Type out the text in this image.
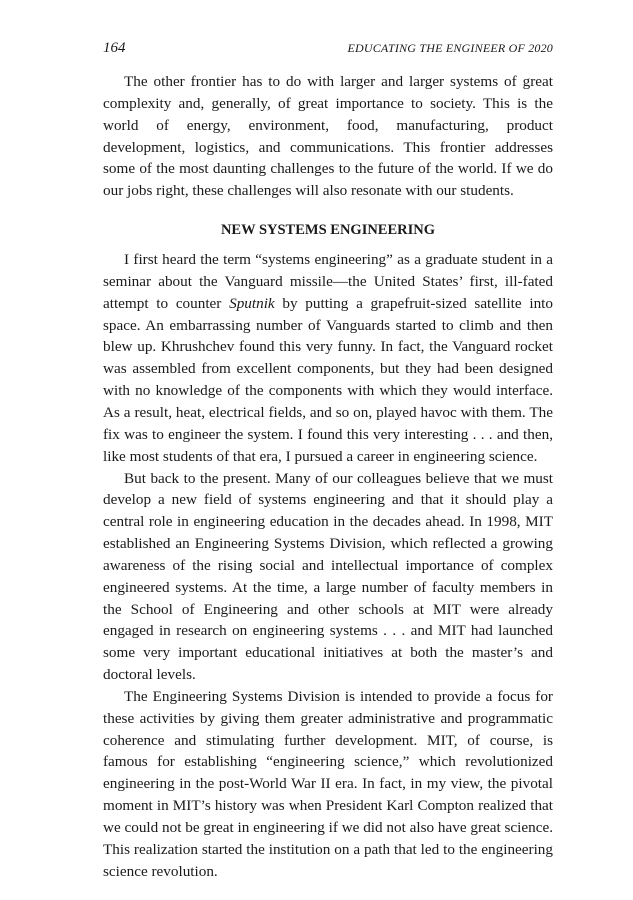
164	EDUCATING THE ENGINEER OF 2020

The other frontier has to do with larger and larger systems of great complexity and, generally, of great importance to society. This is the world of energy, environment, food, manufacturing, product development, logistics, and communications. This frontier addresses some of the most daunting challenges to the future of the world. If we do our jobs right, these challenges will also resonate with our students.

NEW SYSTEMS ENGINEERING

I first heard the term “systems engineering” as a graduate student in a seminar about the Vanguard missile—the United States’ first, ill-fated attempt to counter Sputnik by putting a grapefruit-sized satellite into space. An embarrassing number of Vanguards started to climb and then blew up. Khrushchev found this very funny. In fact, the Vanguard rocket was assembled from excellent components, but they had been designed with no knowledge of the components with which they would interface. As a result, heat, electrical fields, and so on, played havoc with them. The fix was to engineer the system. I found this very interesting . . . and then, like most students of that era, I pursued a career in engineering science.

But back to the present. Many of our colleagues believe that we must develop a new field of systems engineering and that it should play a central role in engineering education in the decades ahead. In 1998, MIT established an Engineering Systems Division, which reflected a growing awareness of the rising social and intellectual importance of complex engineered systems. At the time, a large number of faculty members in the School of Engineering and other schools at MIT were already engaged in research on engineering systems . . . and MIT had launched some very important educational initiatives at both the master’s and doctoral levels.

The Engineering Systems Division is intended to provide a focus for these activities by giving them greater administrative and programmatic coherence and stimulating further development. MIT, of course, is famous for establishing “engineering science,” which revolutionized engineering in the post-World War II era. In fact, in my view, the pivotal moment in MIT’s history was when President Karl Compton realized that we could not be great in engineering if we did not also have great science. This realization started the institution on a path that led to the engineering science revolution.
